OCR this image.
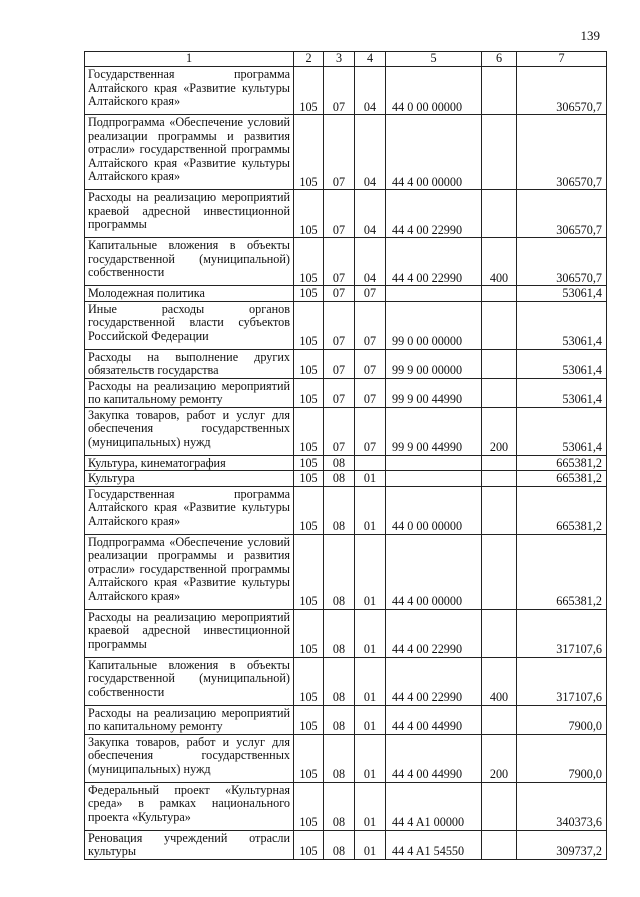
139
1	2	3	4	5	6	7
Государственная программа Алтайского края «Развитие культуры Алтайского края»	105	07	04	44 0 00 00000		306570,7
Подпрограмма «Обеспечение условий реализации программы и развития отрасли» государственной программы Алтайского края «Развитие культуры Алтайского края»	105	07	04	44 4 00 00000		306570,7
Расходы на реализацию мероприятий краевой адресной инвестиционной программы	105	07	04	44 4 00 22990		306570,7
Капитальные вложения в объекты государственной (муниципальной) собственности	105	07	04	44 4 00 22990	400	306570,7
Молодежная политика	105	07	07			53061,4
Иные расходы органов государственной власти субъектов Российской Федерации	105	07	07	99 0 00 00000		53061,4
Расходы на выполнение других обязательств государства	105	07	07	99 9 00 00000		53061,4
Расходы на реализацию мероприятий по капитальному ремонту	105	07	07	99 9 00 44990		53061,4
Закупка товаров, работ и услуг для обеспечения государственных (муниципальных) нужд	105	07	07	99 9 00 44990	200	53061,4
Культура, кинематография	105	08				665381,2
Культура	105	08	01			665381,2
Государственная программа Алтайского края «Развитие культуры Алтайского края»	105	08	01	44 0 00 00000		665381,2
Подпрограмма «Обеспечение условий реализации программы и развития отрасли» государственной программы Алтайского края «Развитие культуры Алтайского края»	105	08	01	44 4 00 00000		665381,2
Расходы на реализацию мероприятий краевой адресной инвестиционной программы	105	08	01	44 4 00 22990		317107,6
Капитальные вложения в объекты государственной (муниципальной) собственности	105	08	01	44 4 00 22990	400	317107,6
Расходы на реализацию мероприятий по капитальному ремонту	105	08	01	44 4 00 44990		7900,0
Закупка товаров, работ и услуг для обеспечения государственных (муниципальных) нужд	105	08	01	44 4 00 44990	200	7900,0
Федеральный проект «Культурная среда» в рамках национального проекта «Культура»	105	08	01	44 4 A1 00000		340373,6
Реновация учреждений отрасли культуры	105	08	01	44 4 A1 54550		309737,2
